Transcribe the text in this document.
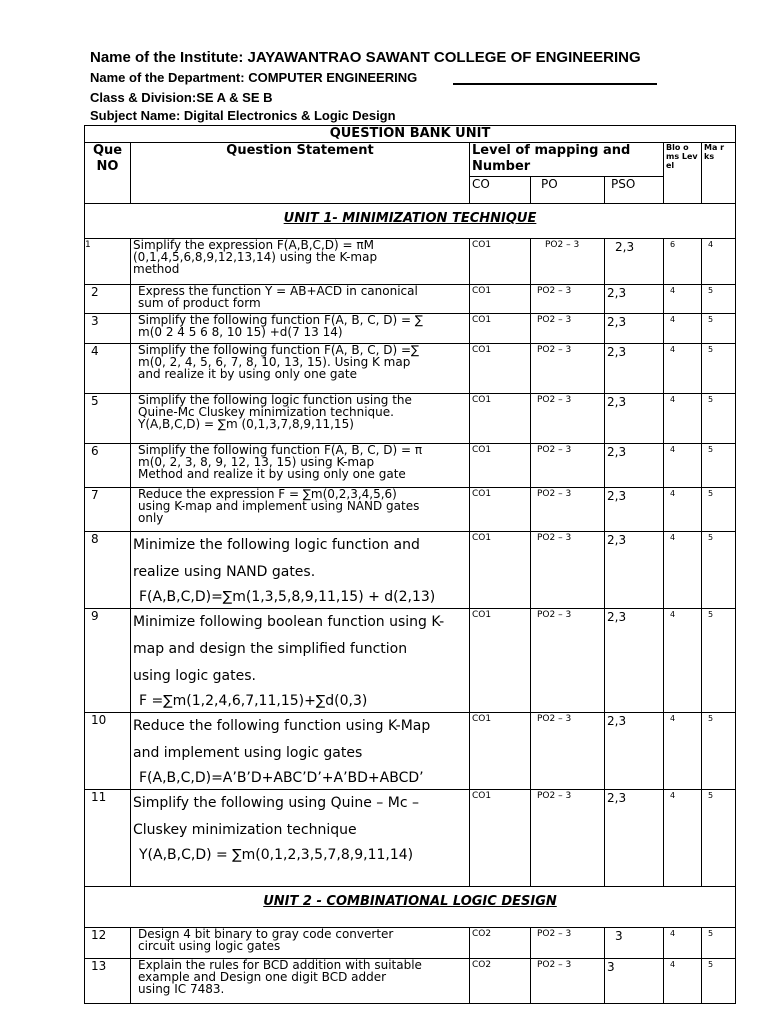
Name of the Institute: JAYAWANTRAO SAWANT COLLEGE OF ENGINEERING
Name of the Department: COMPUTER ENGINEERING
Class & Division:SE A & SE B
Subject Name: Digital Electronics & Logic Design
QUESTION BANK UNIT						
Que NO	Question Statement	Level of mapping and Number			Blo o ms Lev el	Ma r ks
		CO	PO	PSO		
UNIT 1- MINIMIZATION TECHNIQUE						
1	Simplify the expression F(A,B,C,D) = πM
(0,1,4,5,6,8,9,12,13,14) using the K-map
method	CO1	PO2 – 3	2,3	6	4
2	Express the function Y = AB+ACD in canonical
sum of product form	CO1	PO2 – 3	2,3	4	5
3	Simplify the following function F(A, B, C, D) = ∑
m(0 2 4 5 6 8, 10 15) +d(7 13 14)	CO1	PO2 – 3	2,3	4	5
4	Simplify the following function F(A, B, C, D) =∑
m(0, 2, 4, 5, 6, 7, 8, 10, 13, 15). Using K map
and realize it by using only one gate	CO1	PO2 – 3	2,3	4	5
5	Simplify the following logic function using the
Quine-Mc Cluskey minimization technique.
Y(A,B,C,D) = ∑m (0,1,3,7,8,9,11,15)	CO1	PO2 – 3	2,3	4	5
6	Simplify the following function F(A, B, C, D) = π
m(0, 2, 3, 8, 9, 12, 13, 15) using K-map
Method and realize it by using only one gate	CO1	PO2 – 3	2,3	4	5
7	Reduce the expression F = ∑m(0,2,3,4,5,6)
using K-map and implement using NAND gates
only	CO1	PO2 – 3	2,3	4	5
8	Minimize the following logic function and
realize using NAND gates.
F(A,B,C,D)=∑m(1,3,5,8,9,11,15) + d(2,13)	CO1	PO2 – 3	2,3	4	5
9	Minimize following boolean function using K-
map and design the simplified function
using logic gates.
F =∑m(1,2,4,6,7,11,15)+∑d(0,3)	CO1	PO2 – 3	2,3	4	5
10	Reduce the following function using K-Map
and implement using logic gates
F(A,B,C,D)=A’B’D+ABC’D’+A’BD+ABCD’	CO1	PO2 – 3	2,3	4	5
11	Simplify the following using Quine – Mc –
Cluskey minimization technique
Y(A,B,C,D) = ∑m(0,1,2,3,5,7,8,9,11,14)	CO1	PO2 – 3	2,3	4	5
UNIT 2 - COMBINATIONAL LOGIC DESIGN						
12	Design 4 bit binary to gray code converter
circuit using logic gates	CO2	PO2 – 3	3	4	5
13	Explain the rules for BCD addition with suitable
example and Design one digit BCD adder
using IC 7483.	CO2	PO2 – 3	3	4	5
